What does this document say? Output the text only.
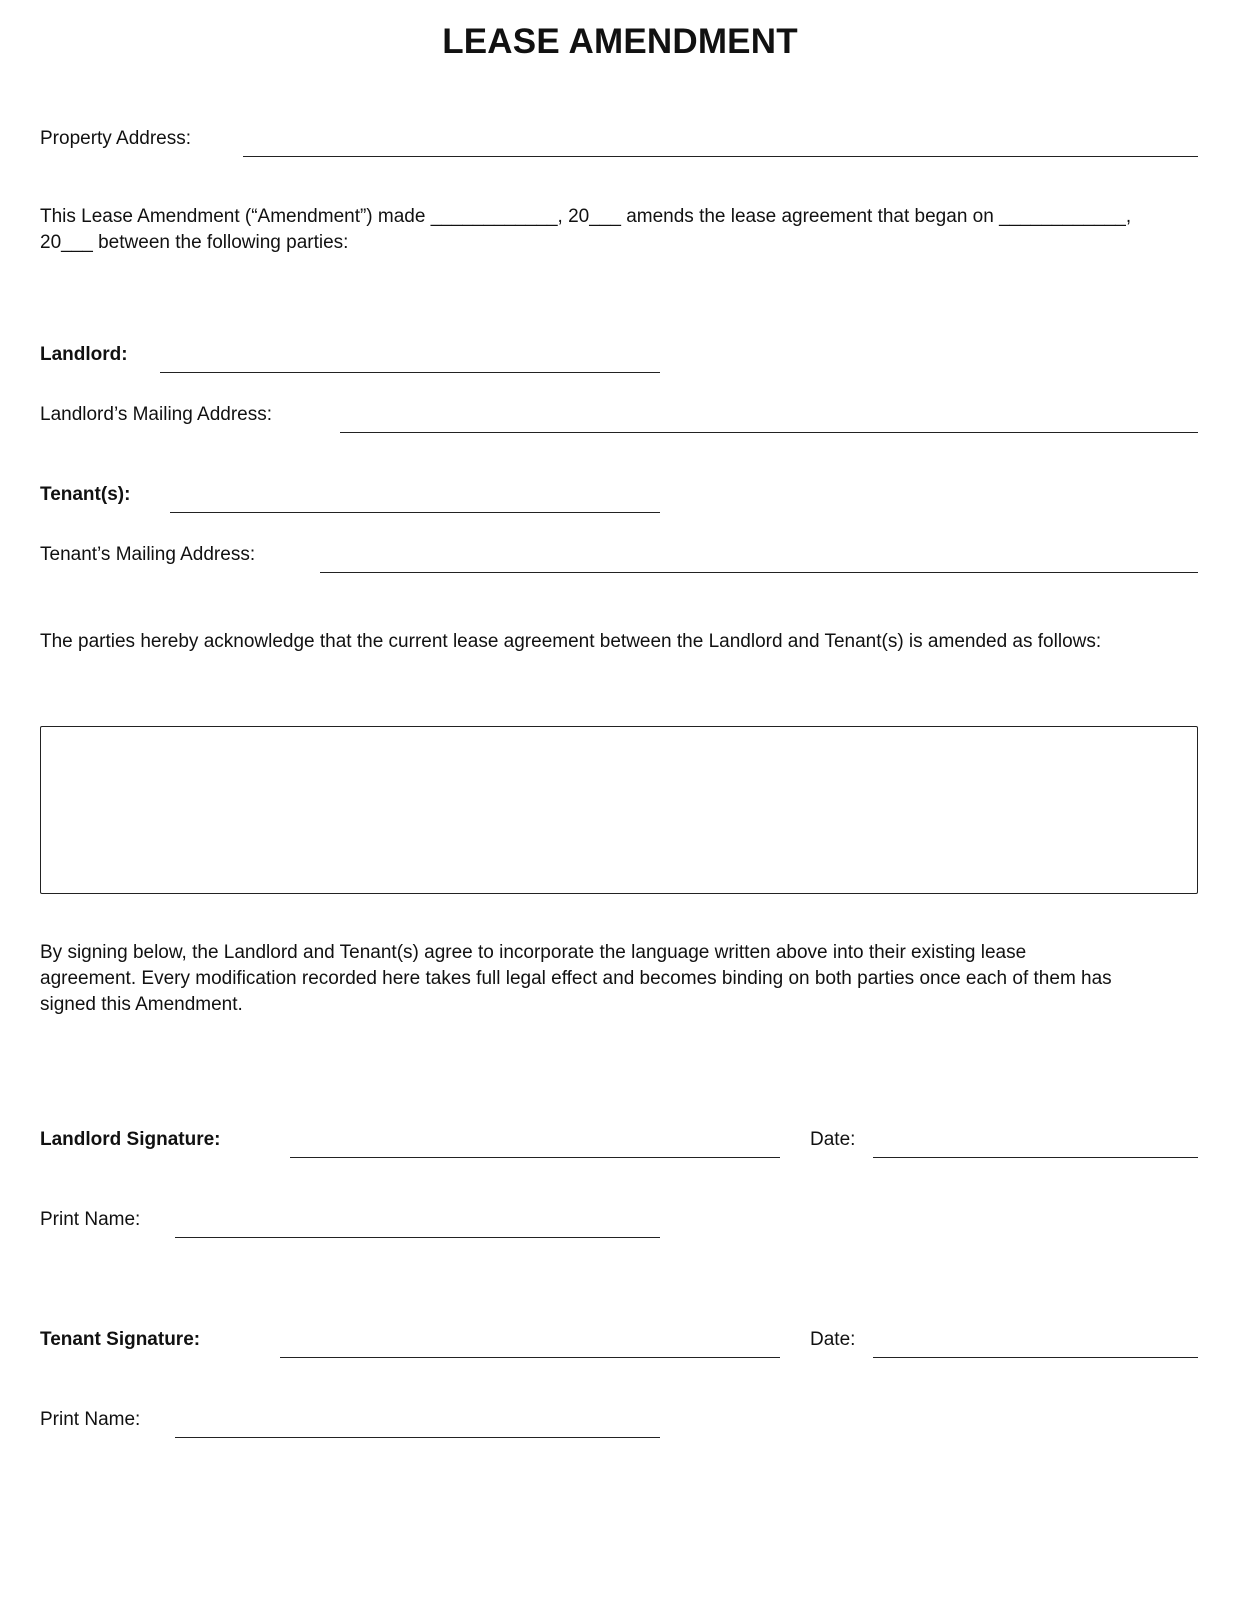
LEASE AMENDMENT
Property Address:
This Lease Amendment (“Amendment”) made ____________, 20___ amends the lease agreement that began on ____________,
20___ between the following parties:
Landlord:
Landlord’s Mailing Address:
Tenant(s):
Tenant’s Mailing Address:
The parties hereby acknowledge that the current lease agreement between the Landlord and Tenant(s) is amended as follows:
By signing below, the Landlord and Tenant(s) agree to incorporate the language written above into their existing lease
agreement. Every modification recorded here takes full legal effect and becomes binding on both parties once each of them has
signed this Amendment.
Landlord Signature:	Date:
Print Name:
Tenant Signature:	Date:
Print Name:
